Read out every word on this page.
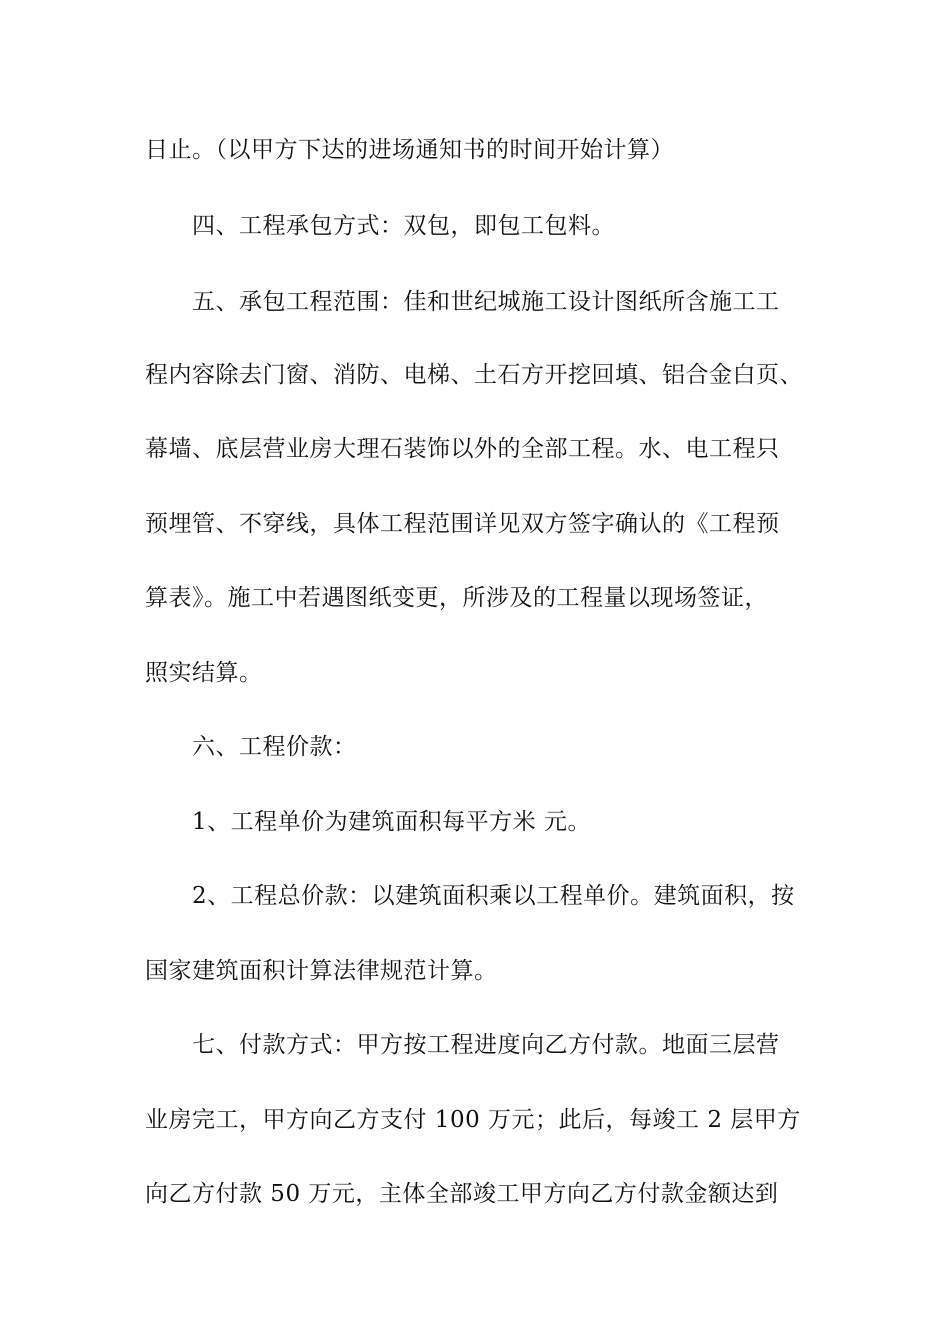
日止。（以甲方下达的进场通知书的时间开始计算）
四、工程承包方式：双包，即包工包料。
五、承包工程范围：佳和世纪城施工设计图纸所含施工工
程内容除去门窗、消防、电梯、土石方开挖回填、铝合金白页、
幕墙、底层营业房大理石装饰以外的全部工程。水、电工程只
预埋管、不穿线，具体工程范围详见双方签字确认的《工程预
算表》。施工中若遇图纸变更，所涉及的工程量以现场签证，
照实结算。
六、工程价款：
1、工程单价为建筑面积每平方米 元。
2、工程总价款：以建筑面积乘以工程单价。建筑面积，按
国家建筑面积计算法律规范计算。
七、付款方式：甲方按工程进度向乙方付款。地面三层营
业房完工，甲方向乙方支付 100 万元；此后，每竣工 2 层甲方
向乙方付款 50 万元，主体全部竣工甲方向乙方付款金额达到
